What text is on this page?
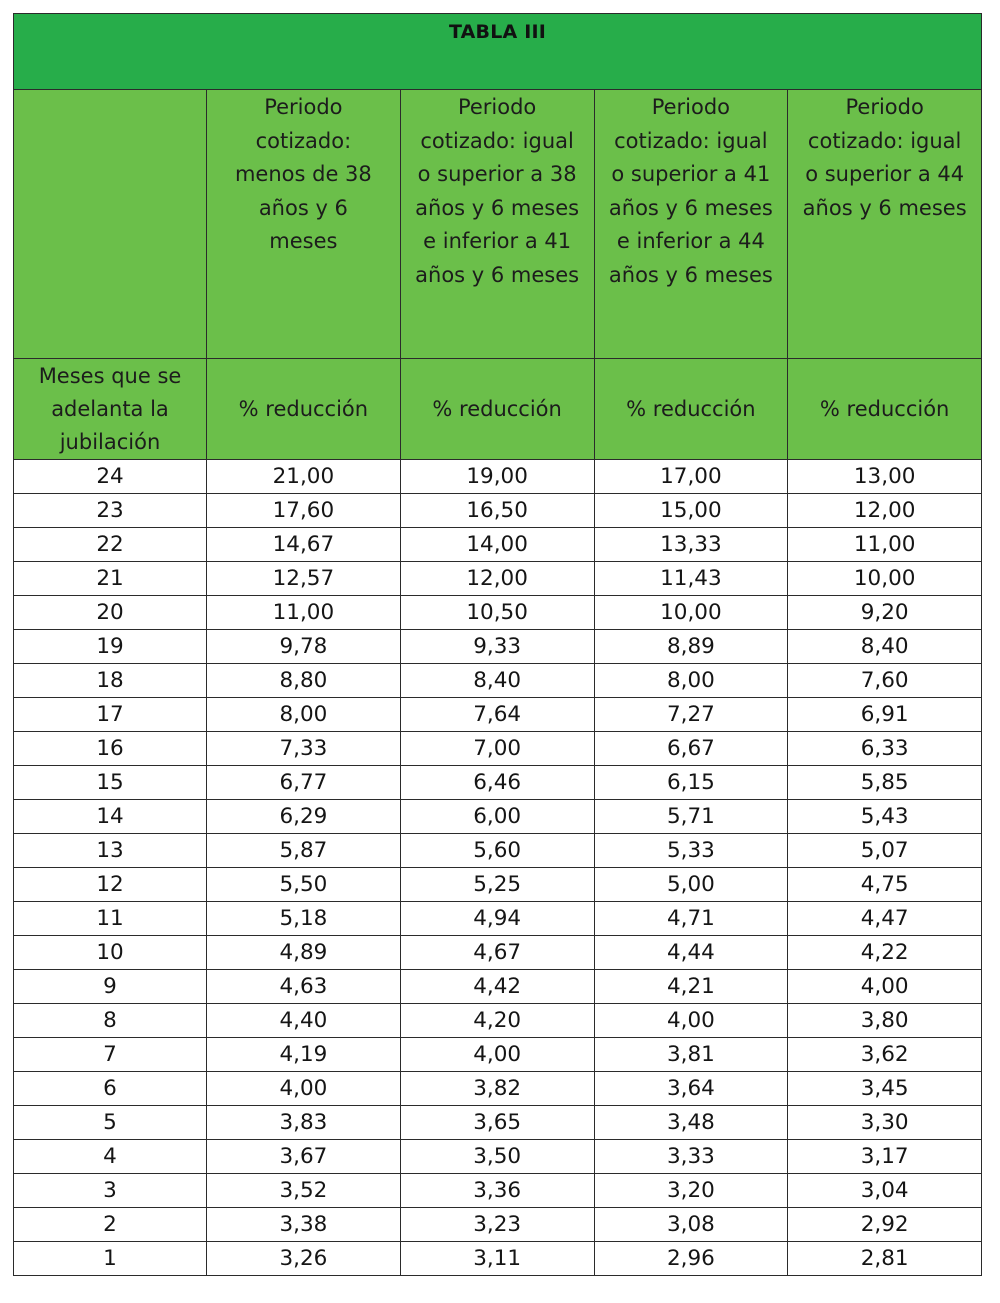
TABLA III				

	Periodo cotizado: menos de 38 años y 6 meses	Periodo cotizado: igual o superior a 38 años y 6 meses e inferior a 41 años y 6 meses	Periodo cotizado: igual o superior a 41 años y 6 meses e inferior a 44 años y 6 meses	Periodo cotizado: igual o superior a 44 años y 6 meses

Meses que se adelanta la jubilación	% reducción	% reducción	% reducción	% reducción
24	21,00	19,00	17,00	13,00
23	17,60	16,50	15,00	12,00
22	14,67	14,00	13,33	11,00
21	12,57	12,00	11,43	10,00
20	11,00	10,50	10,00	9,20
19	9,78	9,33	8,89	8,40
18	8,80	8,40	8,00	7,60
17	8,00	7,64	7,27	6,91
16	7,33	7,00	6,67	6,33
15	6,77	6,46	6,15	5,85
14	6,29	6,00	5,71	5,43
13	5,87	5,60	5,33	5,07
12	5,50	5,25	5,00	4,75
11	5,18	4,94	4,71	4,47
10	4,89	4,67	4,44	4,22
9	4,63	4,42	4,21	4,00
8	4,40	4,20	4,00	3,80
7	4,19	4,00	3,81	3,62
6	4,00	3,82	3,64	3,45
5	3,83	3,65	3,48	3,30
4	3,67	3,50	3,33	3,17
3	3,52	3,36	3,20	3,04
2	3,38	3,23	3,08	2,92
1	3,26	3,11	2,96	2,81
